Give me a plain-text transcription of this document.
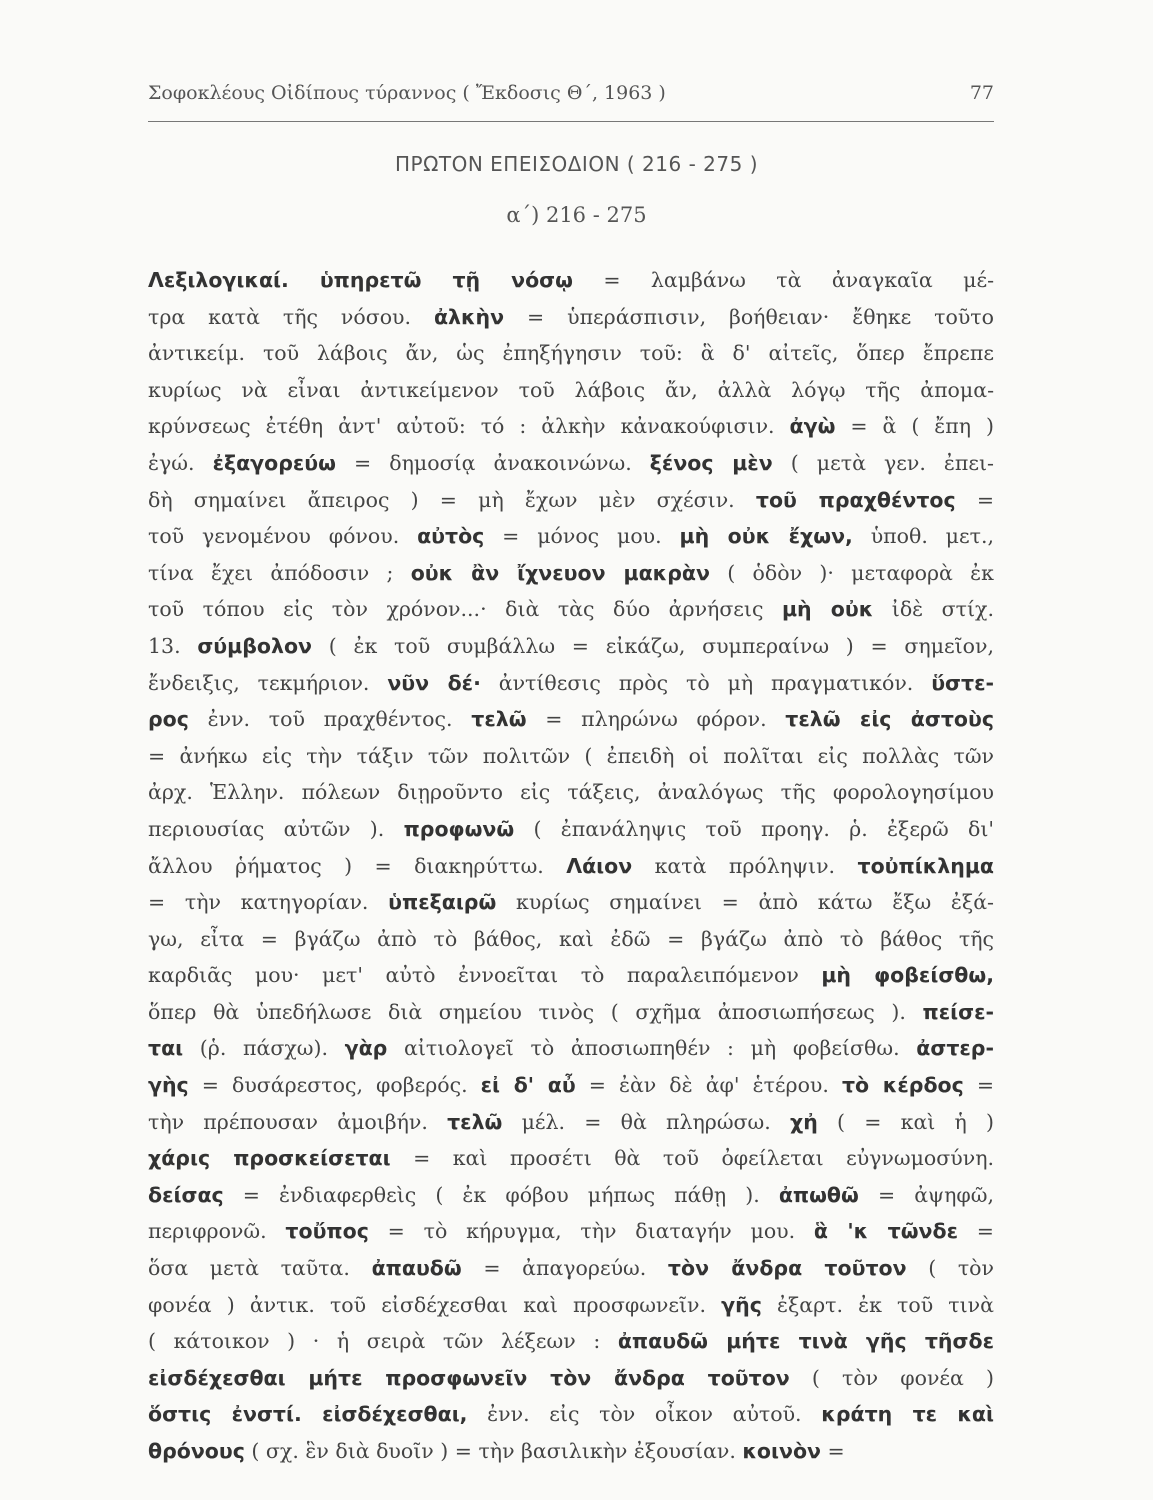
Σοφοκλέους Οἰδίπους τύραννος ( Ἔκδοσις Θ΄, 1963 )	77
ΠΡΩΤΟΝ ΕΠΕΙΣΟΔΙΟΝ ( 216 - 275 )
α΄) 216 - 275
Λεξιλογικαί. ὑπηρετῶ τῇ νόσῳ = λαμβάνω τὰ ἀναγκαῖα μέ-
τρα κατὰ τῆς νόσου. ἀλκὴν = ὑπεράσπισιν, βοήθειαν· ἔθηκε τοῦτο
ἀντικείμ. τοῦ λάβοις ἄν, ὡς ἐπηξήγησιν τοῦ: ἃ δ' αἰτεῖς, ὅπερ ἔπρεπε
κυρίως νὰ εἶναι ἀντικείμενον τοῦ λάβοις ἄν, ἀλλὰ λόγῳ τῆς ἀπομα-
κρύνσεως ἐτέθη ἀντ' αὐτοῦ: τό : ἀλκὴν κἀνακούφισιν. ἀγὼ = ἃ ( ἔπη )
ἐγώ. ἐξαγορεύω = δημοσίᾳ ἀνακοινώνω. ξένος μὲν ( μετὰ γεν. ἐπει-
δὴ σημαίνει ἄπειρος ) = μὴ ἔχων μὲν σχέσιν. τοῦ πραχθέντος =
τοῦ γενομένου φόνου. αὐτὸς = μόνος μου. μὴ οὐκ ἔχων, ὑποθ. μετ.,
τίνα ἔχει ἀπόδοσιν ; οὐκ ἂν ἴχνευον μακρὰν ( ὁδὸν )· μεταφορὰ ἐκ
τοῦ τόπου εἰς τὸν χρόνον...· διὰ τὰς δύο ἀρνήσεις μὴ οὐκ ἰδὲ στίχ.
13. σύμβολον ( ἐκ τοῦ συμβάλλω = εἰκάζω, συμπεραίνω ) = σημεῖον,
ἔνδειξις, τεκμήριον. νῦν δέ· ἀντίθεσις πρὸς τὸ μὴ πραγματικόν. ὕστε-
ρος ἐνν. τοῦ πραχθέντος. τελῶ = πληρώνω φόρον. τελῶ εἰς ἀστοὺς
= ἀνήκω εἰς τὴν τάξιν τῶν πολιτῶν ( ἐπειδὴ οἱ πολῖται εἰς πολλὰς τῶν
ἀρχ. Ἑλλην. πόλεων διῃροῦντο εἰς τάξεις, ἀναλόγως τῆς φορολογησίμου
περιουσίας αὐτῶν ). προφωνῶ ( ἐπανάληψις τοῦ προηγ. ῥ. ἐξερῶ δι'
ἄλλου ῥήματος ) = διακηρύττω. Λάιον κατὰ πρόληψιν. τοὐπίκλημα
= τὴν κατηγορίαν. ὑπεξαιρῶ κυρίως σημαίνει = ἀπὸ κάτω ἔξω ἐξά-
γω, εἶτα = βγάζω ἀπὸ τὸ βάθος, καὶ ἐδῶ = βγάζω ἀπὸ τὸ βάθος τῆς
καρδιᾶς μου· μετ' αὐτὸ ἐννοεῖται τὸ παραλειπόμενον μὴ φοβείσθω,
ὅπερ θὰ ὑπεδήλωσε διὰ σημείου τινὸς ( σχῆμα ἀποσιωπήσεως ). πείσε-
ται (ῥ. πάσχω). γὰρ αἰτιολογεῖ τὸ ἀποσιωπηθέν : μὴ φοβείσθω. ἀστερ-
γὴς = δυσάρεστος, φοβερός. εἰ δ' αὖ = ἐὰν δὲ ἀφ' ἑτέρου. τὸ κέρδος =
τὴν πρέπουσαν ἀμοιβήν. τελῶ μέλ. = θὰ πληρώσω. χἠ ( = καὶ ἡ )
χάρις προσκείσεται = καὶ προσέτι θὰ τοῦ ὀφείλεται εὐγνωμοσύνη.
δείσας = ἐνδιαφερθεὶς ( ἐκ φόβου μήπως πάθῃ ). ἀπωθῶ = ἀψηφῶ,
περιφρονῶ. τοὔπος = τὸ κήρυγμα, τὴν διαταγήν μου. ἃ 'κ τῶνδε =
ὅσα μετὰ ταῦτα. ἀπαυδῶ = ἀπαγορεύω. τὸν ἄνδρα τοῦτον ( τὸν
φονέα ) ἀντικ. τοῦ εἰσδέχεσθαι καὶ προσφωνεῖν. γῆς ἐξαρτ. ἐκ τοῦ τινὰ
( κάτοικον ) · ἡ σειρὰ τῶν λέξεων : ἀπαυδῶ μήτε τινὰ γῆς τῆσδε
εἰσδέχεσθαι μήτε προσφωνεῖν τὸν ἄνδρα τοῦτον ( τὸν φονέα )
ὅστις ἐνστί. εἰσδέχεσθαι, ἐνν. εἰς τὸν οἶκον αὐτοῦ. κράτη τε καὶ
θρόνους ( σχ. ἓν διὰ δυοῖν ) = τὴν βασιλικὴν ἐξουσίαν. κοινὸν =
